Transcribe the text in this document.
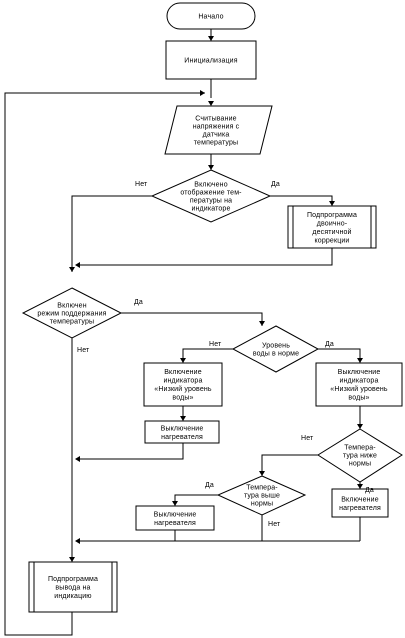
Нет	Да
Да
Нет
Нет	Да
Нет
Да
Да
Нет
Начало
Инициализация
Считывание напряжения с датчика температуры
Включено отображение тем-пературы на индикаторе
Подпрограмма двоично-десятичной коррекции
Включен режим поддержания температуры
Уровень воды в норме
Включение индикатора «Низкий уровень воды»
Выключение индикатора «Низкий уровень воды»
Выключение нагревателя
Темпера-тура ниже нормы
Темпера-тура выше нормы
Выключение нагревателя
Включение нагревателя
Подпрограмма вывода на индикацию
